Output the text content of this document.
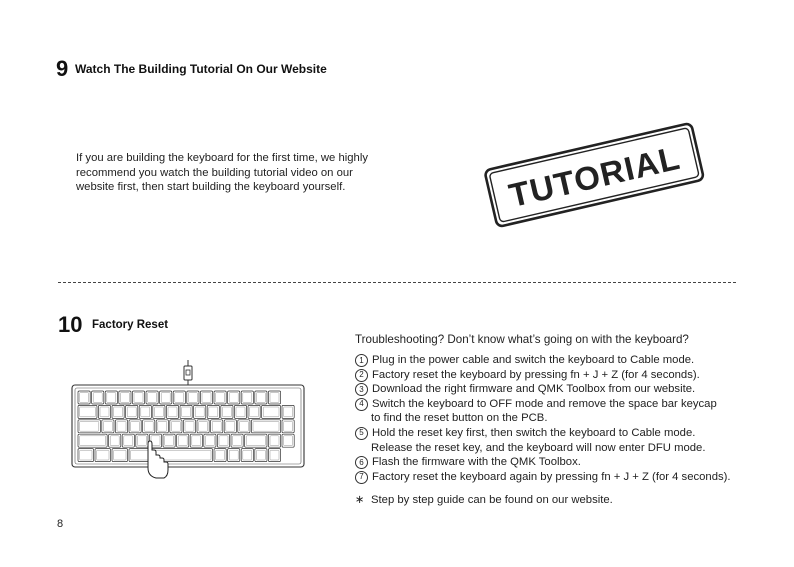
9 Watch The Building Tutorial On Our Website
If you are building the keyboard for the first time, we highly
recommend you watch the building tutorial video on our
website first, then start building the keyboard yourself.	TUTORIAL
10 Factory Reset
Troubleshooting? Don’t know what’s going on with the keyboard?
1 Plug in the power cable and switch the keyboard to Cable mode.
2 Factory reset the keyboard by pressing fn + J + Z (for 4 seconds).
3 Download the right firmware and QMK Toolbox from our website.
4 Switch the keyboard to OFF mode and remove the space bar keycap
to find the reset button on the PCB.
5 Hold the reset key first, then switch the keyboard to Cable mode.
Release the reset key, and the keyboard will now enter DFU mode.
6 Flash the firmware with the QMK Toolbox.
7 Factory reset the keyboard again by pressing fn + J + Z (for 4 seconds).
∗ Step by step guide can be found on our website.
8
